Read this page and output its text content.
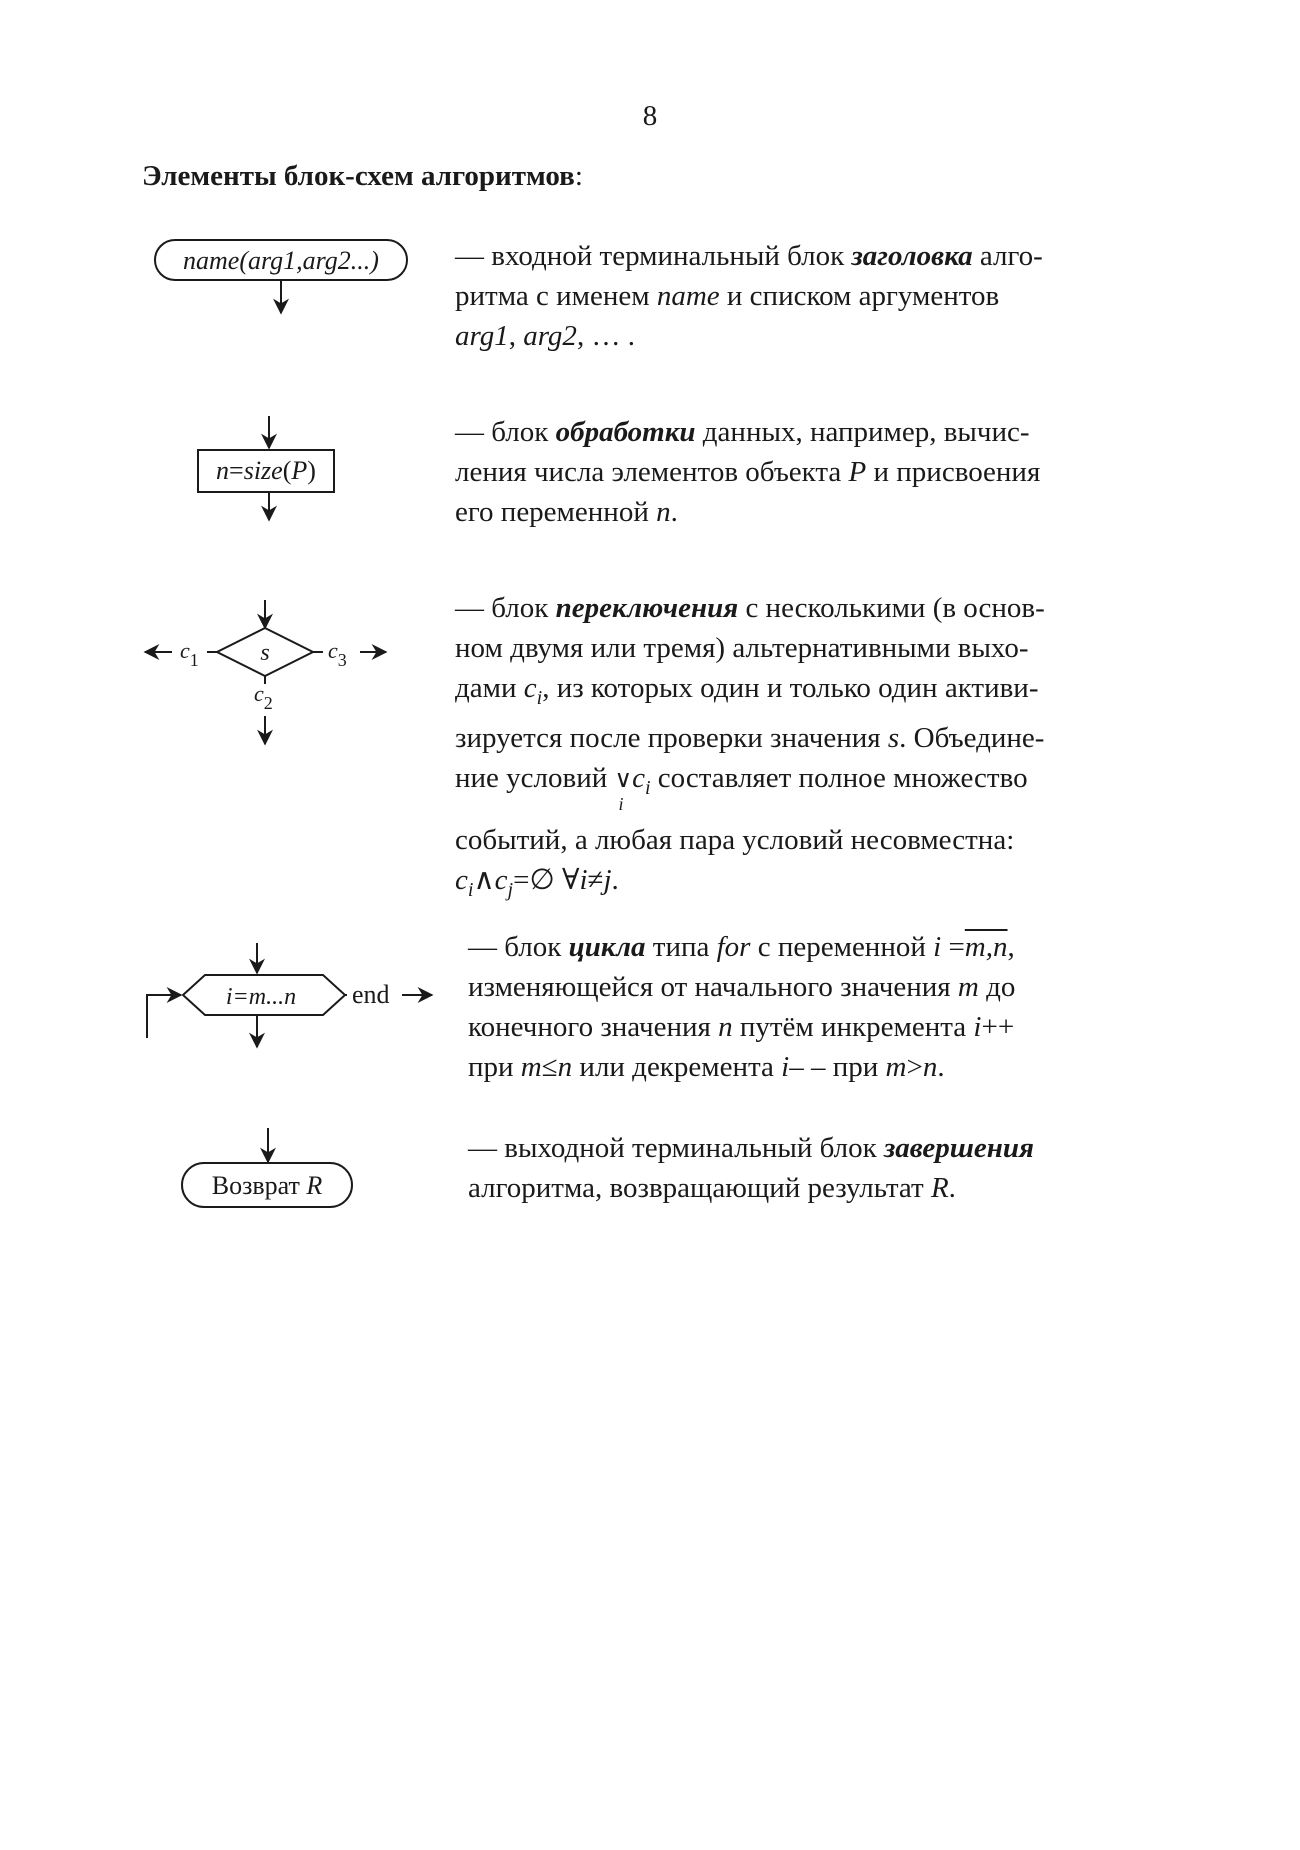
8
Элементы блок-схем алгоритмов:
name(arg1,arg2...)
n=size(P)
s
$c_1$	$c_3$
$c_2$
i=m...n end
Возврат R
— входной терминальный блок заголовка алго-
ритма с именем name и списком аргументов
arg1, arg2, … .
— блок обработки данных, например, вычис-
ления числа элементов объекта P и присвоения
его переменной n.
— блок переключения с несколькими (в основ-
ном двумя или тремя) альтернативными выхо-
дами $c_i$, из которых один и только один активи-
зируется после проверки значения s. Объедине-
ние условий ∨
i
$c_i$ составляет полное множество
событий, а любая пара условий несовместна:
$c_i\wedge c_j=\emptyset$ ∀i≠j.
— блок цикла типа for с переменной i =m,n,
изменяющейся от начального значения m до
конечного значения n путём инкремента i++
при m≤n или декремента i– – при m>n.
— выходной терминальный блок завершения
алгоритма, возвращающий результат R.
